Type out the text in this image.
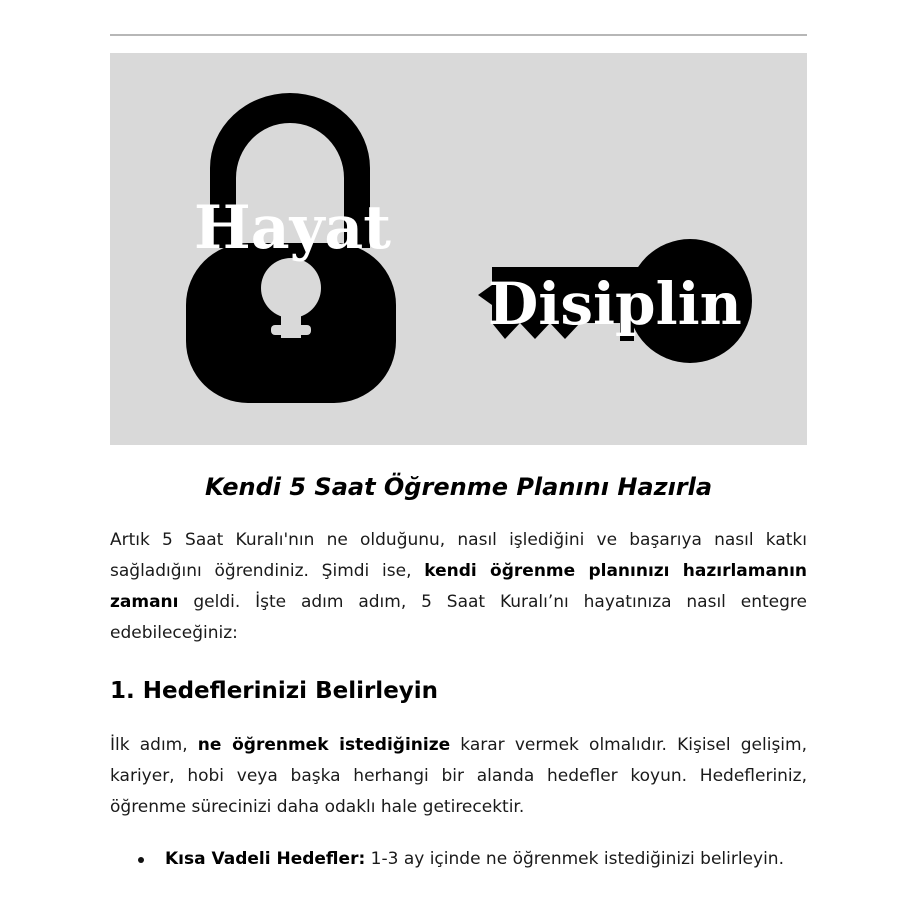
Hayat
Disiplin
Kendi 5 Saat Öğrenme Planını Hazırla

Artık 5 Saat Kuralı'nın ne olduğunu, nasıl işlediğini ve başarıya nasıl katkı sağladığını öğrendiniz. Şimdi ise, kendi öğrenme planınızı hazırlamanın zamanı geldi. İşte adım adım, 5 Saat Kuralı’nı hayatınıza nasıl entegre edebileceğiniz:

1. Hedeflerinizi Belirleyin

İlk adım, ne öğrenmek istediğinize karar vermek olmalıdır. Kişisel gelişim, kariyer, hobi veya başka herhangi bir alanda hedefler koyun. Hedefleriniz, öğrenme sürecinizi daha odaklı hale getirecektir.

Kısa Vadeli Hedefler: 1-3 ay içinde ne öğrenmek istediğinizi belirleyin.
